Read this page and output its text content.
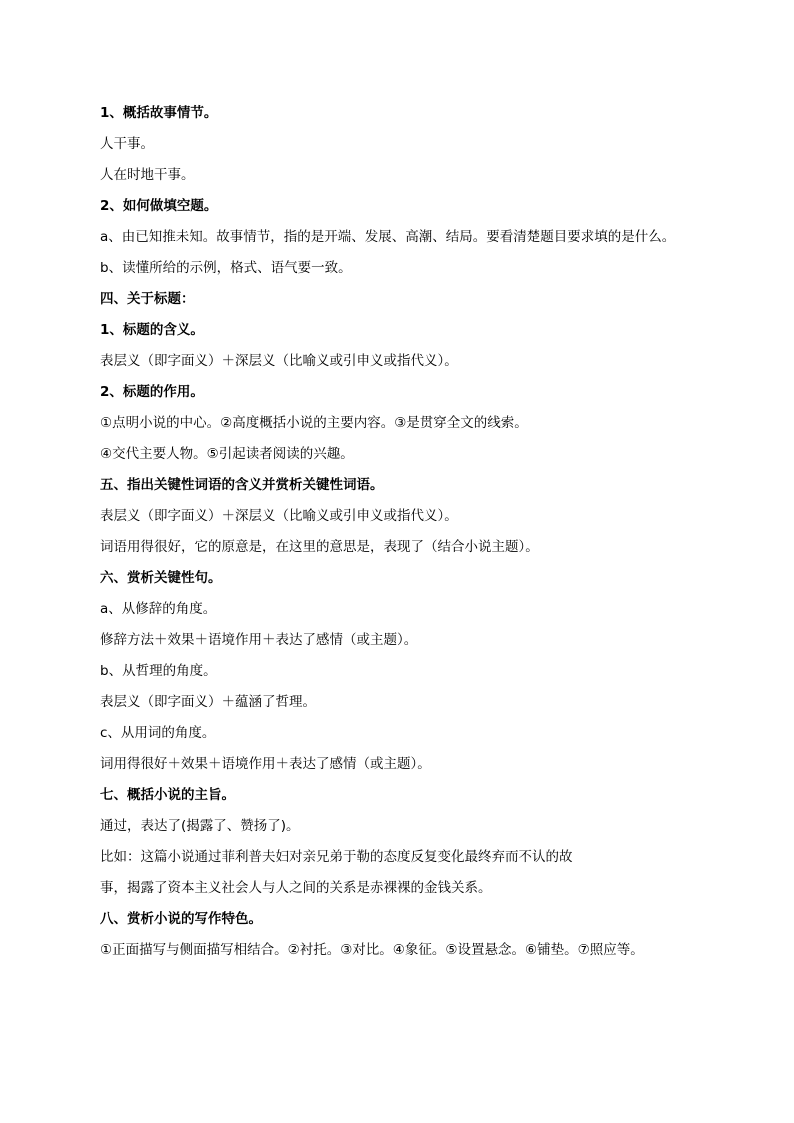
1、概括故事情节。
人干事。
人在时地干事。
2、如何做填空题。
a、由已知推未知。故事情节，指的是开端、发展、高潮、结局。要看清楚题目要求填的是什么。
b、读懂所给的示例，格式、语气要一致。
四、关于标题：
1、标题的含义。
表层义（即字面义）＋深层义（比喻义或引申义或指代义）。
2、标题的作用。
①点明小说的中心。②高度概括小说的主要内容。③是贯穿全文的线索。
④交代主要人物。⑤引起读者阅读的兴趣。
五、指出关键性词语的含义并赏析关键性词语。
表层义（即字面义）＋深层义（比喻义或引申义或指代义）。
词语用得很好，它的原意是，在这里的意思是，表现了（结合小说主题）。
六、赏析关键性句。
a、从修辞的角度。
修辞方法＋效果＋语境作用＋表达了感情（或主题）。
b、从哲理的角度。
表层义（即字面义）＋蕴涵了哲理。
c、从用词的角度。
词用得很好＋效果＋语境作用＋表达了感情（或主题）。
七、概括小说的主旨。
通过，表达了(揭露了、赞扬了)。
比如：这篇小说通过菲利普夫妇对亲兄弟于勒的态度反复变化最终弃而不认的故
事，揭露了资本主义社会人与人之间的关系是赤裸裸的金钱关系。
八、赏析小说的写作特色。
①正面描写与侧面描写相结合。②衬托。③对比。④象征。⑤设置悬念。⑥铺垫。⑦照应等。
